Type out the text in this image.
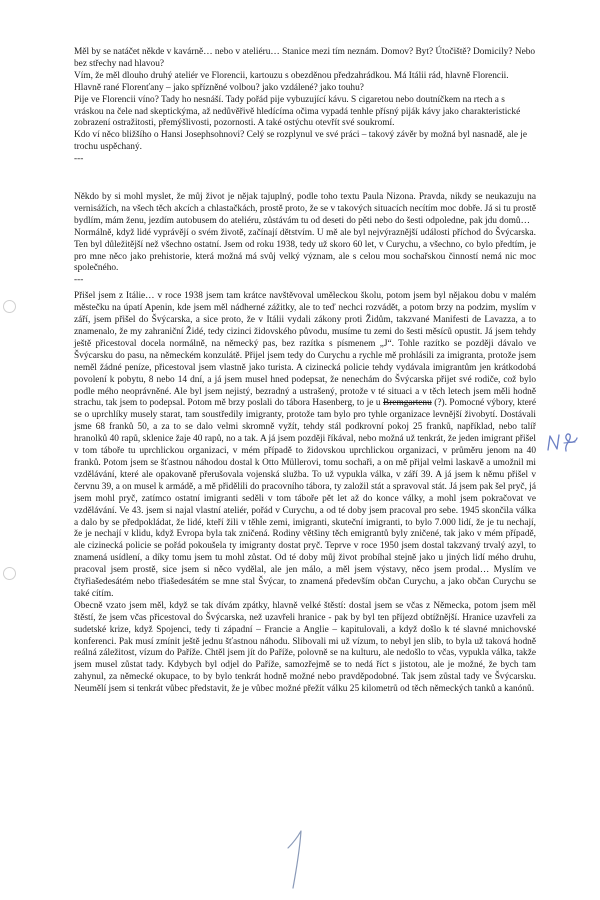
Měl by se natáčet někde v kavárně… nebo v ateliéru… Stanice mezi tím neznám. Domov? Byt? Útočiště? Domicily? Nebo bez střechy nad hlavou?

Vím, že měl dlouho druhý ateliér ve Florencii, kartouzu s obezděnou předzahrádkou. Má Itálii rád, hlavně Florencii. Hlavně rané Florenťany – jako spřízněné volbou? jako vzdálené? jako touhu?

Pije ve Florencii víno? Tady ho nesnáší. Tady pořád pije vybuzující kávu. S cigaretou nebo doutníčkem na rtech a s vráskou na čele nad skeptickýma, až nedůvěřivě hledícíma očima vypadá tenhle přísný piják kávy jako charakteristické zobrazení ostražitosti, přemýšlivosti, pozornosti. A také ostýchu otevřít své soukromí.

Kdo ví něco bližšího o Hansi Josephsohnovi? Celý se rozplynul ve své práci – takový závěr by možná byl nasnadě, ale je trochu uspěchaný.

---

Někdo by si mohl myslet, že můj život je nějak tajuplný, podle toho textu Paula Nizona. Pravda, nikdy se neukazuju na vernisážích, na všech těch akcích a chlastačkách, prostě proto, že se v takových situacích necítím moc dobře. Já si tu prostě bydlím, mám ženu, jezdím autobusem do ateliéru, zůstávám tu od deseti do pěti nebo do šesti odpoledne, pak jdu domů…

Normálně, když lidé vyprávějí o svém životě, začínají dětstvím. U mě ale byl nejvýraznější události příchod do Švýcarska. Ten byl důležitější než všechno ostatní. Jsem od roku 1938, tedy už skoro 60 let, v Curychu, a všechno, co bylo předtím, je pro mne něco jako prehistorie, která možná má svůj velký význam, ale s celou mou sochařskou činností nemá nic moc společného.

---

Přišel jsem z Itálie… v roce 1938 jsem tam krátce navštěvoval uměleckou školu, potom jsem byl nějakou dobu v malém městečku na úpatí Apenin, kde jsem měl nádherné zážitky, ale to teď nechci rozvádět, a potom brzy na podzim, myslím v září, jsem přišel do Švýcarska, a sice proto, že v Itálii vydali zákony proti Židům, takzvané Manifesti de Lavazza, a to znamenalo, že my zahraniční Židé, tedy cizinci židovského původu, musíme tu zemi do šesti měsíců opustit. Já jsem tehdy ještě přicestoval docela normálně, na německý pas, bez razítka s písmenem „J“. Tohle razítko se později dávalo ve Švýcarsku do pasu, na německém konzulátě. Přijel jsem tedy do Curychu a rychle mě prohlásili za imigranta, protože jsem neměl žádné peníze, přicestoval jsem vlastně jako turista. A cizinecká policie tehdy vydávala imigrantům jen krátkodobá povolení k pobytu, 8 nebo 14 dní, a já jsem musel hned podepsat, že nenechám do Švýcarska přijet své rodiče, což bylo podle mého neoprávněné. Ale byl jsem nejistý, bezradný a ustrašený, protože v té situaci a v těch letech jsem měli hodně strachu, tak jsem to podepsal. Potom mě brzy poslali do tábora Hasenberg, to je u Bremgartenu (?). Pomocné výbory, které se o uprchlíky musely starat, tam soustředily imigranty, protože tam bylo pro tyhle organizace levnější živobytí. Dostávali jsme 68 franků 50, a za to se dalo velmi skromně vyžít, tehdy stál podkrovní pokoj 25 franků, například, nebo talíř hranolků 40 rapů, sklenice žaje 40 rapů, no a tak. A já jsem později říkával, nebo možná už tenkrát, že jeden imigrant přišel v tom táboře tu uprchlickou organizaci, v mém případě to židovskou uprchlickou organizaci, v průměru jenom na 40 franků. Potom jsem se šťastnou náhodou dostal k Otto Müllerovi, tomu sochaři, a on mě přijal velmi laskavě a umožnil mi vzdělávání, které ale opakovaně přerušovala vojenská služba. To už vypukla válka, v září 39. A já jsem k němu přišel v červnu 39, a on musel k armádě, a mě přidělili do pracovního tábora, ty založil stát a spravoval stát. Já jsem pak šel pryč, já jsem mohl pryč, zatímco ostatní imigranti seděli v tom táboře pět let až do konce války, a mohl jsem pokračovat ve vzdělávání. Ve 43. jsem si najal vlastní ateliér, pořád v Curychu, a od té doby jsem pracoval pro sebe. 1945 skončila válka a dalo by se předpokládat, že lidé, kteří žili v těhle zemi, imigranti, skuteční imigranti, to bylo 7.000 lidí, že je tu nechají, že je nechají v klidu, když Evropa byla tak zničená. Rodiny většiny těch emigrantů byly zničené, tak jako v mém případě, ale cizinecká policie se pořád pokoušela ty imigranty dostat pryč. Teprve v roce 1950 jsem dostal takzvaný trvalý azyl, to znamená usídlení, a díky tomu jsem tu mohl zůstat. Od té doby můj život probíhal stejně jako u jiných lidí mého druhu, pracoval jsem prostě, sice jsem si něco vydělal, ale jen málo, a měl jsem výstavy, něco jsem prodal… Myslím ve čtyřiašedesátém nebo třiašedesátém se mne stal Švýcar, to znamená především občan Curychu, a jako občan Curychu se také cítím.

Obecně vzato jsem měl, když se tak dívám zpátky, hlavně velké štěstí: dostal jsem se včas z Německa, potom jsem měl štěstí, že jsem včas přicestoval do Švýcarska, než uzavřeli hranice - pak by byl ten příjezd obtížnější. Hranice uzavřeli za sudetské krize, když Spojenci, tedy ti západní – Francie a Anglie – kapitulovali, a když došlo k té slavné mnichovské konferenci. Pak musí zmínit ještě jednu šťastnou náhodu. Slibovali mi už vízum, to nebyl jen slib, to byla už taková hodně reálná záležitost, vízum do Paříže. Chtěl jsem jít do Paříže, polovně se na kulturu, ale nedošlo to včas, vypukla válka, takže jsem musel zůstat tady. Kdybych byl odjel do Paříže, samozřejmě se to nedá říct s jistotou, ale je možné, že bych tam zahynul, za německé okupace, to by bylo tenkrát hodně možné nebo pravděpodobné. Tak jsem zůstal tady ve Švýcarsku. Neumělí jsem si tenkrát vůbec představit, že je vůbec možné přežít válku 25 kilometrů od těch německých tanků a kanónů.
